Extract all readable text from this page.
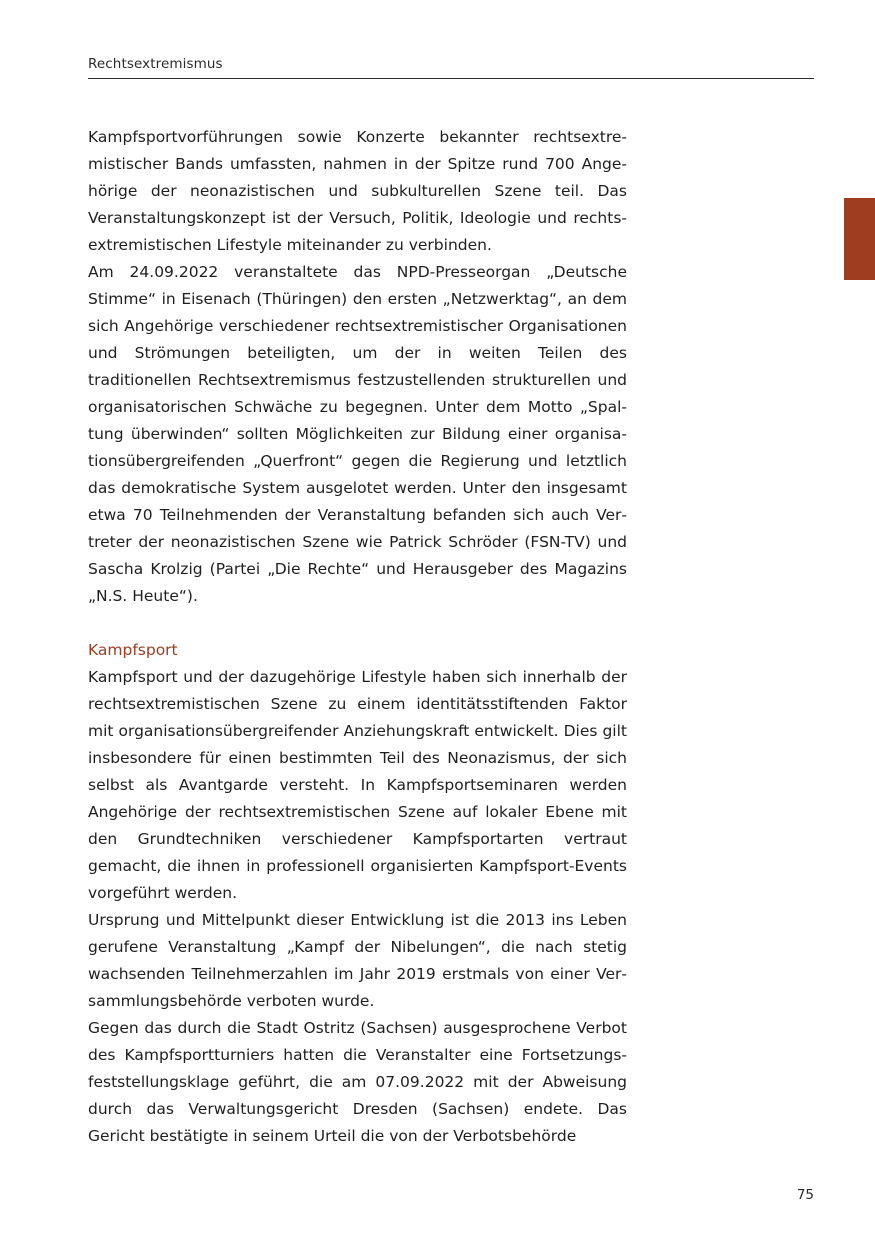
Rechtsextremismus

Kampfsportvorführungen sowie Konzerte bekannter rechtsextremistischer Bands umfassten, nahmen in der Spitze rund 700 Angehörige der neonazistischen und subkulturellen Szene teil. Das Veranstaltungskonzept ist der Versuch, Politik, Ideologie und rechtsextremistischen Lifestyle miteinander zu verbinden.

Am 24.09.2022 veranstaltete das NPD-Presseorgan „Deutsche Stimme“ in Eisenach (Thüringen) den ersten „Netzwerktag“, an dem sich Angehörige verschiedener rechtsextremistischer Organisationen und Strömungen beteiligten, um der in weiten Teilen des traditionellen Rechtsextremismus festzustellenden strukturellen und organisatorischen Schwäche zu begegnen. Unter dem Motto „Spaltung überwinden“ sollten Möglichkeiten zur Bildung einer organisationsübergreifenden „Querfront“ gegen die Regierung und letztlich das demokratische System ausgelotet werden. Unter den insgesamt etwa 70 Teilnehmenden der Veranstaltung befanden sich auch Vertreter der neonazistischen Szene wie Patrick Schröder (FSN-TV) und Sascha Krolzig (Partei „Die Rechte“ und Herausgeber des Magazins „N.S. Heute“).

Kampfsport

Kampfsport und der dazugehörige Lifestyle haben sich innerhalb der rechtsextremistischen Szene zu einem identitätsstiftenden Faktor mit organisationsübergreifender Anziehungskraft entwickelt. Dies gilt insbesondere für einen bestimmten Teil des Neonazismus, der sich selbst als Avantgarde versteht. In Kampfsportseminaren werden Angehörige der rechtsextremistischen Szene auf lokaler Ebene mit den Grundtechniken verschiedener Kampfsportarten vertraut gemacht, die ihnen in professionell organisierten Kampfsport-Events vorgeführt werden.

Ursprung und Mittelpunkt dieser Entwicklung ist die 2013 ins Leben gerufene Veranstaltung „Kampf der Nibelungen“, die nach stetig wachsenden Teilnehmerzahlen im Jahr 2019 erstmals von einer Versammlungsbehörde verboten wurde.

Gegen das durch die Stadt Ostritz (Sachsen) ausgesprochene Verbot des Kampfsportturniers hatten die Veranstalter eine Fortsetzungsfeststellungsklage geführt, die am 07.09.2022 mit der Abweisung durch das Verwaltungsgericht Dresden (Sachsen) endete. Das Gericht bestätigte in seinem Urteil die von der Verbotsbehörde

75
